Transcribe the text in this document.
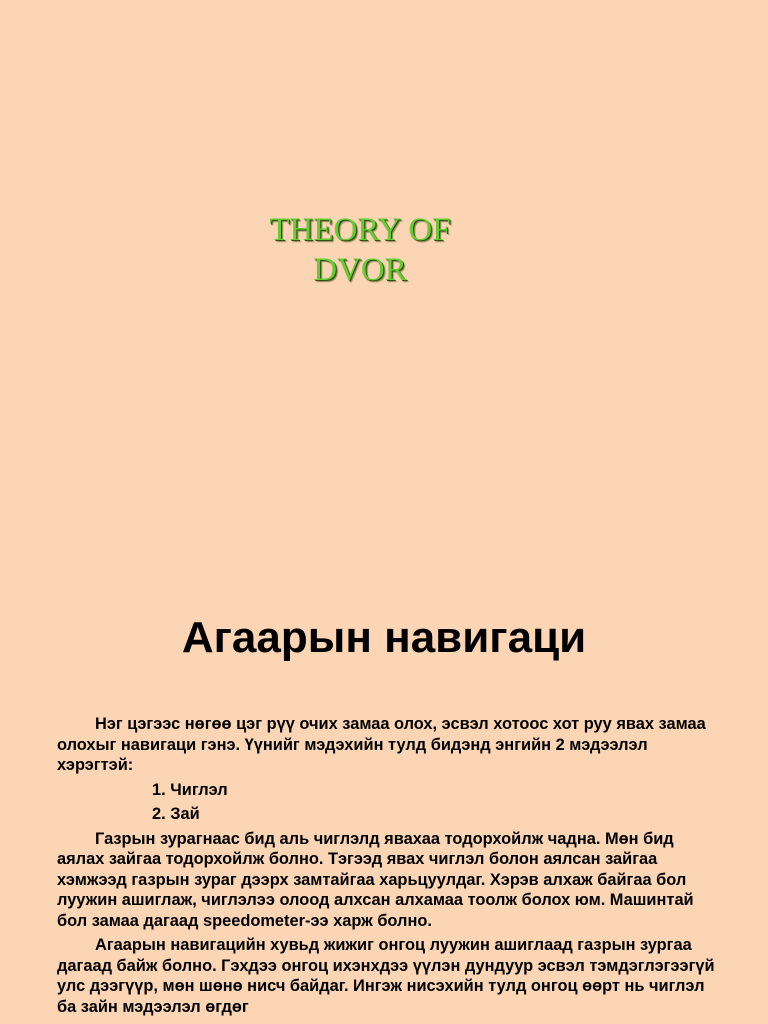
THEORY OF
DVOR
Агаарын навигаци

Нэг цэгээс нөгөө цэг рүү очих замаа олох, эсвэл хотоос хот руу явах замаа олохыг навигаци гэнэ. Үүнийг мэдэхийн тулд бидэнд энгийн 2 мэдээлэл хэрэгтэй:

1. Чиглэл
2. Зай

Газрын зурагнаас бид аль чиглэлд явахаа тодорхойлж чадна. Мөн бид аялах зайгаа тодорхойлж болно. Тэгээд явах чиглэл болон аялсан зайгаа хэмжээд газрын зураг дээрх замтайгаа харьцуулдаг. Хэрэв алхаж байгаа бол луужин ашиглаж, чиглэлээ олоод алхсан алхамаа тоолж болох юм. Машинтай бол замаа дагаад speedometer-ээ харж болно.

Агаарын навигацийн хувьд жижиг онгоц луужин ашиглаад газрын зургаа дагаад байж болно. Гэхдээ онгоц ихэнхдээ үүлэн дундуур эсвэл тэмдэглэгээгүй улс дээгүүр, мөн шөнө нисч байдаг. Ингэж нисэхийн тулд онгоц өөрт нь чиглэл ба зайн мэдээлэл өгдөг
